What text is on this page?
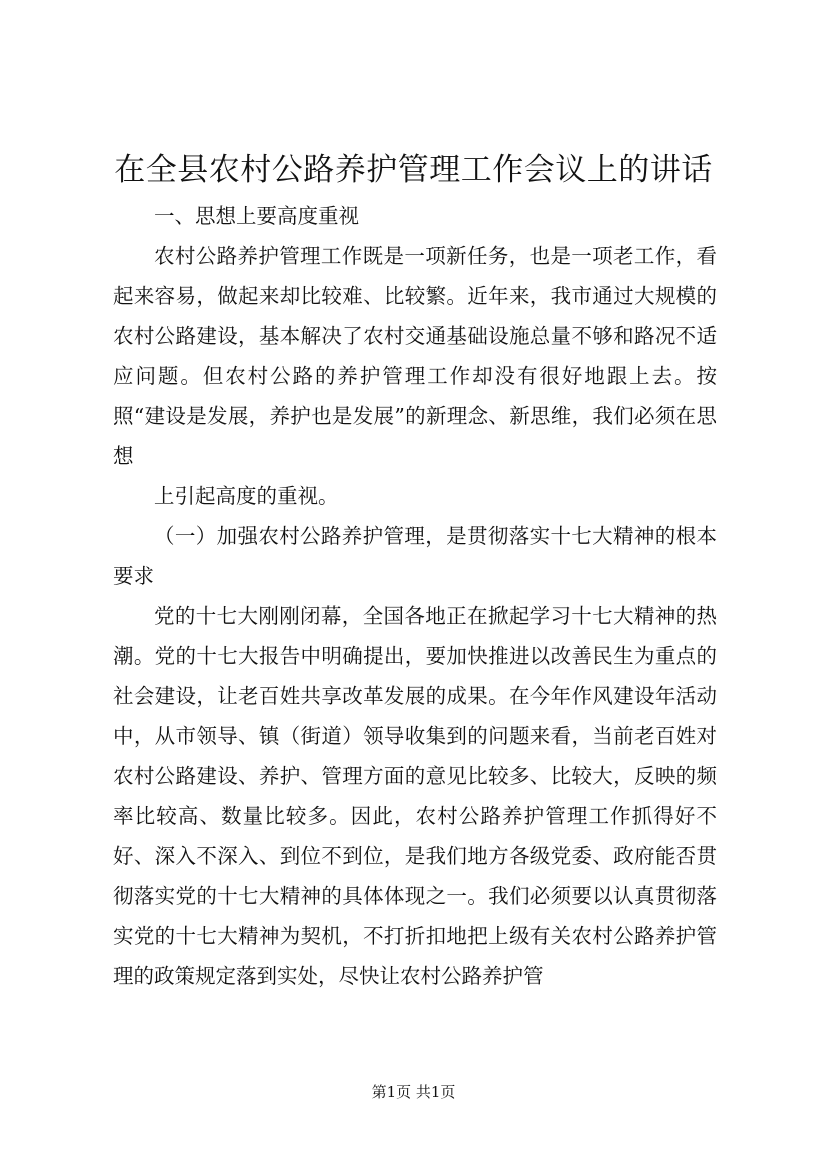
在全县农村公路养护管理工作会议上的讲话

一、思想上要高度重视

农村公路养护管理工作既是一项新任务，也是一项老工作，看起来容易，做起来却比较难、比较繁。近年来，我市通过大规模的农村公路建设，基本解决了农村交通基础设施总量不够和路况不适应问题。但农村公路的养护管理工作却没有很好地跟上去。按照“建设是发展，养护也是发展”的新理念、新思维，我们必须在思想

上引起高度的重视。

（一）加强农村公路养护管理，是贯彻落实十七大精神的根本要求

党的十七大刚刚闭幕，全国各地正在掀起学习十七大精神的热潮。党的十七大报告中明确提出，要加快推进以改善民生为重点的社会建设，让老百姓共享改革发展的成果。在今年作风建设年活动中，从市领导、镇（街道）领导收集到的问题来看，当前老百姓对农村公路建设、养护、管理方面的意见比较多、比较大，反映的频率比较高、数量比较多。因此，农村公路养护管理工作抓得好不好、深入不深入、到位不到位，是我们地方各级党委、政府能否贯彻落实党的十七大精神的具体体现之一。我们必须要以认真贯彻落实党的十七大精神为契机，不打折扣地把上级有关农村公路养护管理的政策规定落到实处，尽快让农村公路养护管

第1页 共1页
